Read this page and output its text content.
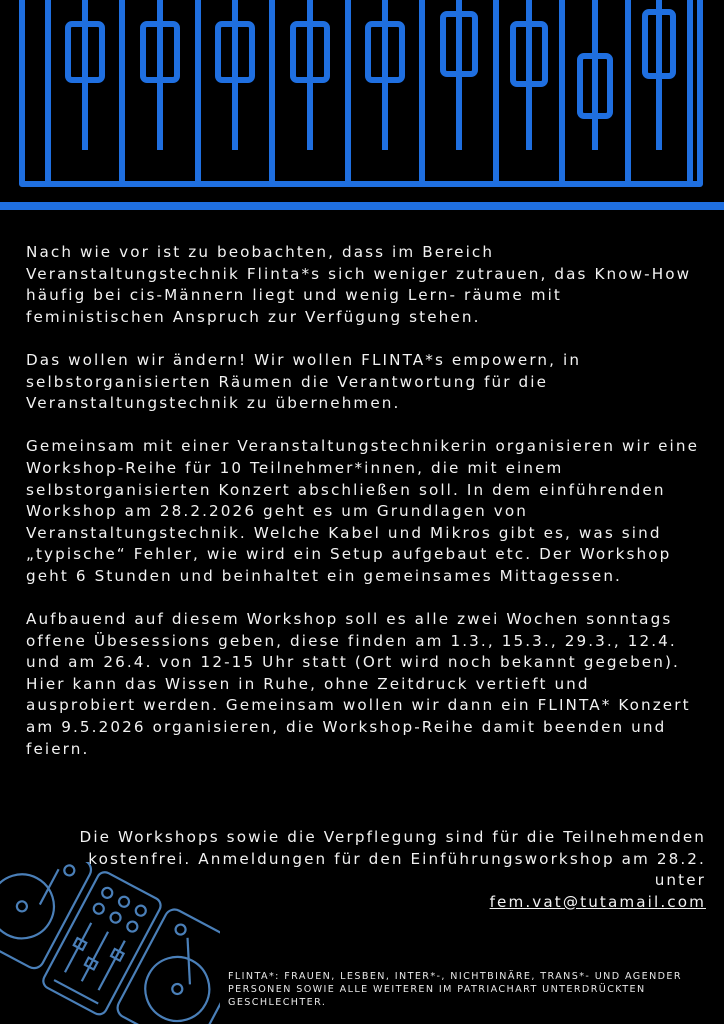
Nach wie vor ist zu beobachten, dass im Bereich Veranstaltungstechnik Flinta*s sich weniger zutrauen, das Know-How häufig bei cis-Männern liegt und wenig Lern- räume mit feministischen Anspruch zur Verfügung stehen.

Das wollen wir ändern! Wir wollen FLINTA*s empowern, in selbstorganisierten Räumen die Verantwortung für die Veranstaltungstechnik zu übernehmen.

Gemeinsam mit einer Veranstaltungstechnikerin organisieren wir eine Workshop-Reihe für 10 Teilnehmer*innen, die mit einem selbstorganisierten Konzert abschließen soll. In dem einführenden Workshop am 28.2.2026 geht es um Grundlagen von Veranstaltungstechnik. Welche Kabel und Mikros gibt es, was sind „typische“ Fehler, wie wird ein Setup aufgebaut etc. Der Workshop geht 6 Stunden und beinhaltet ein gemeinsames Mittagessen.

Aufbauend auf diesem Workshop soll es alle zwei Wochen sonntags offene Übesessions geben, diese finden am 1.3., 15.3., 29.3., 12.4. und am 26.4. von 12-15 Uhr statt (Ort wird noch bekannt gegeben). Hier kann das Wissen in Ruhe, ohne Zeitdruck vertieft und ausprobiert werden. Gemeinsam wollen wir dann ein FLINTA* Konzert am 9.5.2026 organisieren, die Workshop-Reihe damit beenden und feiern.

Die Workshops sowie die Verpflegung sind für die Teilnehmenden kostenfrei. Anmeldungen für den Einführungsworkshop am 28.2. unter
fem.vat@tutamail.com
FLINTA*: FRAUEN, LESBEN, INTER*-, NICHTBINÄRE, TRANS*- UND AGENDER PERSONEN SOWIE ALLE WEITEREN IM PATRIACHART UNTERDRÜCKTEN GESCHLECHTER.
